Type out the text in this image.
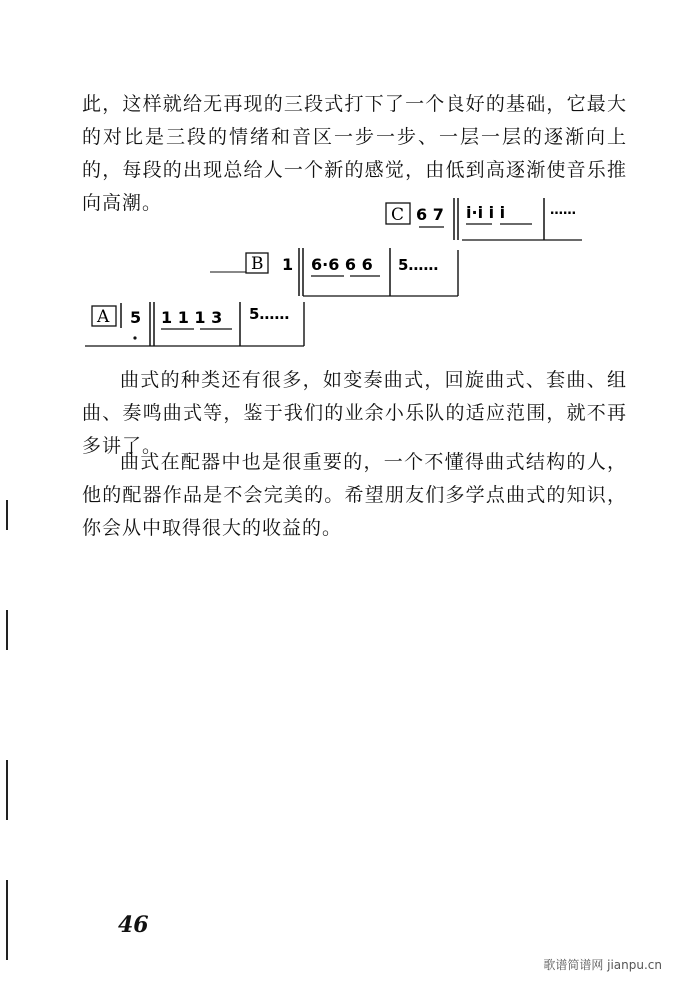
此，这样就给无再现的三段式打下了一个良好的基础，它最大的对比是三段的情绪和音区一步一步、一层一层的逐渐向上的，每段的出现总给人一个新的感觉，由低到高逐渐使音乐推向高潮。

C 6 7 i·i i i	……
B 1 6·6 6 6 5……
A 5 1 1 1 3 5……

曲式的种类还有很多，如变奏曲式，回旋曲式、套曲、组曲、奏鸣曲式等，鉴于我们的业余小乐队的适应范围，就不再多讲了。

曲式在配器中也是很重要的，一个不懂得曲式结构的人，他的配器作品是不会完美的。希望朋友们多学点曲式的知识，你会从中取得很大的收益的。

46
歌谱简谱网 jianpu.cn
